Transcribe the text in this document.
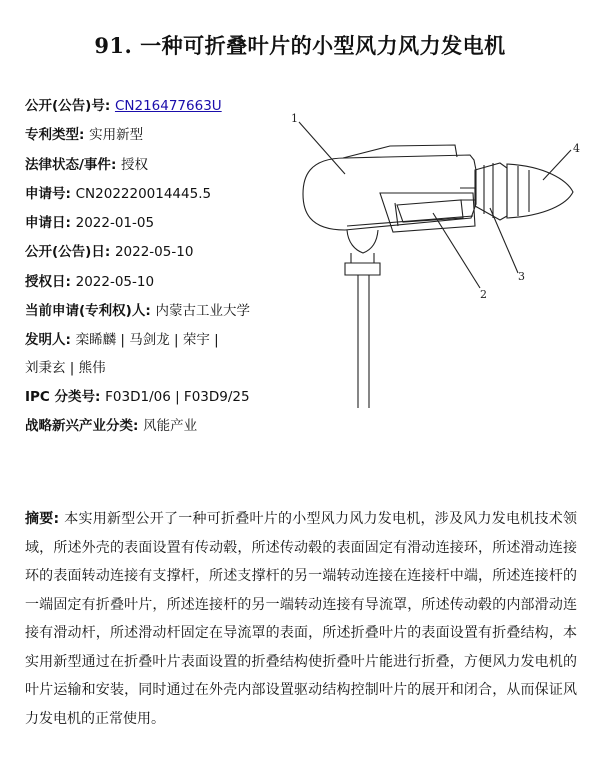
91. 一种可折叠叶片的小型风力风力发电机
公开(公告)号: CN216477663U
专利类型: 实用新型
法律状态/事件: 授权
申请号: CN202220014445.5
申请日: 2022-01-05
公开(公告)日: 2022-05-10
授权日: 2022-05-10
当前申请(专利权)人: 内蒙古工业大学
发明人: 栾睎麟 | 马剑龙 | 荣宇 |
刘秉玄 | 熊伟
IPC 分类号: F03D1/06 | F03D9/25
战略新兴产业分类: 风能产业
1
2
3
4
摘要: 本实用新型公开了一种可折叠叶片的小型风力风力发电机，涉及风力发电机技术领域，所述外壳的表面设置有传动毂，所述传动毂的表面固定有滑动连接环，所述滑动连接环的表面转动连接有支撑杆，所述支撑杆的另一端转动连接在连接杆中端，所述连接杆的一端固定有折叠叶片，所述连接杆的另一端转动连接有导流罩，所述传动毂的内部滑动连接有滑动杆，所述滑动杆固定在导流罩的表面，所述折叠叶片的表面设置有折叠结构，本实用新型通过在折叠叶片表面设置的折叠结构使折叠叶片能进行折叠，方便风力发电机的叶片运输和安装，同时通过在外壳内部设置驱动结构控制叶片的展开和闭合，从而保证风力发电机的正常使用。
